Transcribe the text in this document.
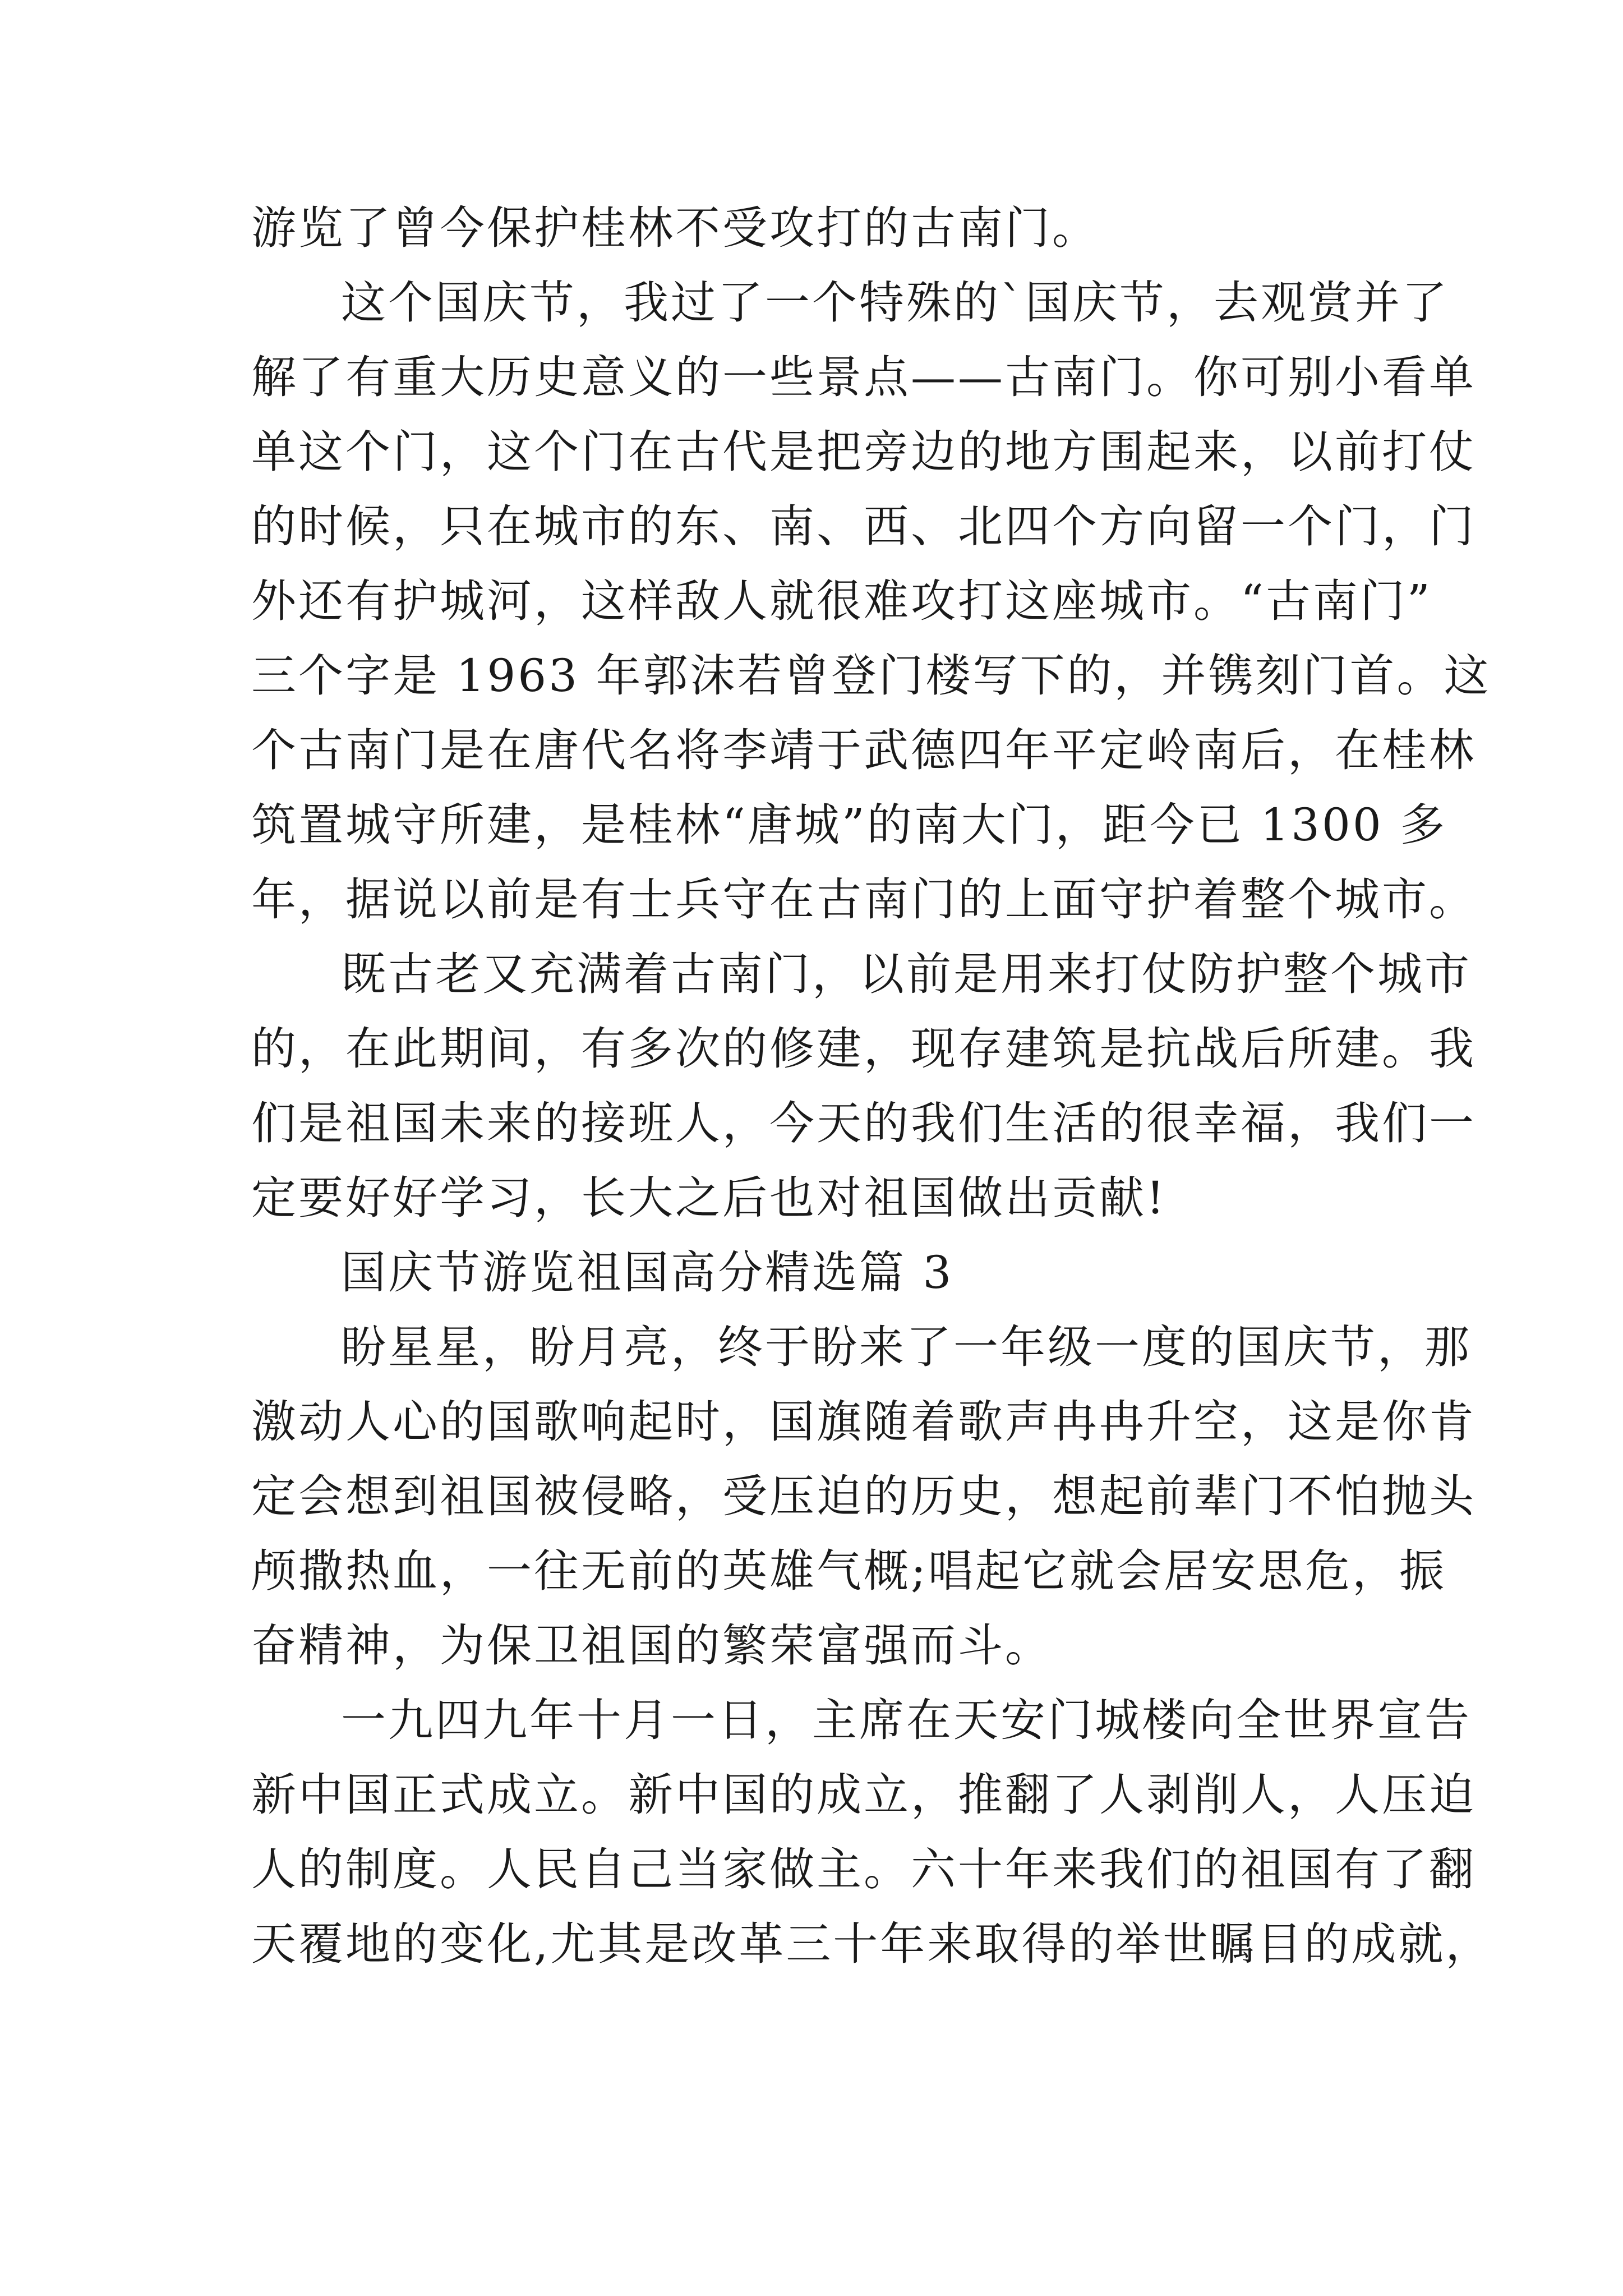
游览了曾今保护桂林不受攻打的古南门。
这个国庆节，我过了一个特殊的`国庆节，去观赏并了
解了有重大历史意义的一些景点——古南门。你可别小看单
单这个门，这个门在古代是把旁边的地方围起来，以前打仗
的时候，只在城市的东、南、西、北四个方向留一个门，门
外还有护城河，这样敌人就很难攻打这座城市。“古南门”
三个字是 1963 年郭沫若曾登门楼写下的，并镌刻门首。这
个古南门是在唐代名将李靖于武德四年平定岭南后，在桂林
筑置城守所建，是桂林“唐城”的南大门，距今已 1300 多
年，据说以前是有士兵守在古南门的上面守护着整个城市。
既古老又充满着古南门，以前是用来打仗防护整个城市
的，在此期间，有多次的修建，现存建筑是抗战后所建。我
们是祖国未来的接班人，今天的我们生活的很幸福，我们一
定要好好学习，长大之后也对祖国做出贡献!
国庆节游览祖国高分精选篇 3
盼星星，盼月亮，终于盼来了一年级一度的国庆节，那
激动人心的国歌响起时，国旗随着歌声冉冉升空，这是你肯
定会想到祖国被侵略，受压迫的历史，想起前辈门不怕抛头
颅撒热血，一往无前的英雄气概;唱起它就会居安思危，振
奋精神，为保卫祖国的繁荣富强而斗。
一九四九年十月一日，主席在天安门城楼向全世界宣告
新中国正式成立。新中国的成立，推翻了人剥削人，人压迫
人的制度。人民自己当家做主。六十年来我们的祖国有了翻
天覆地的变化,尤其是改革三十年来取得的举世瞩目的成就，
